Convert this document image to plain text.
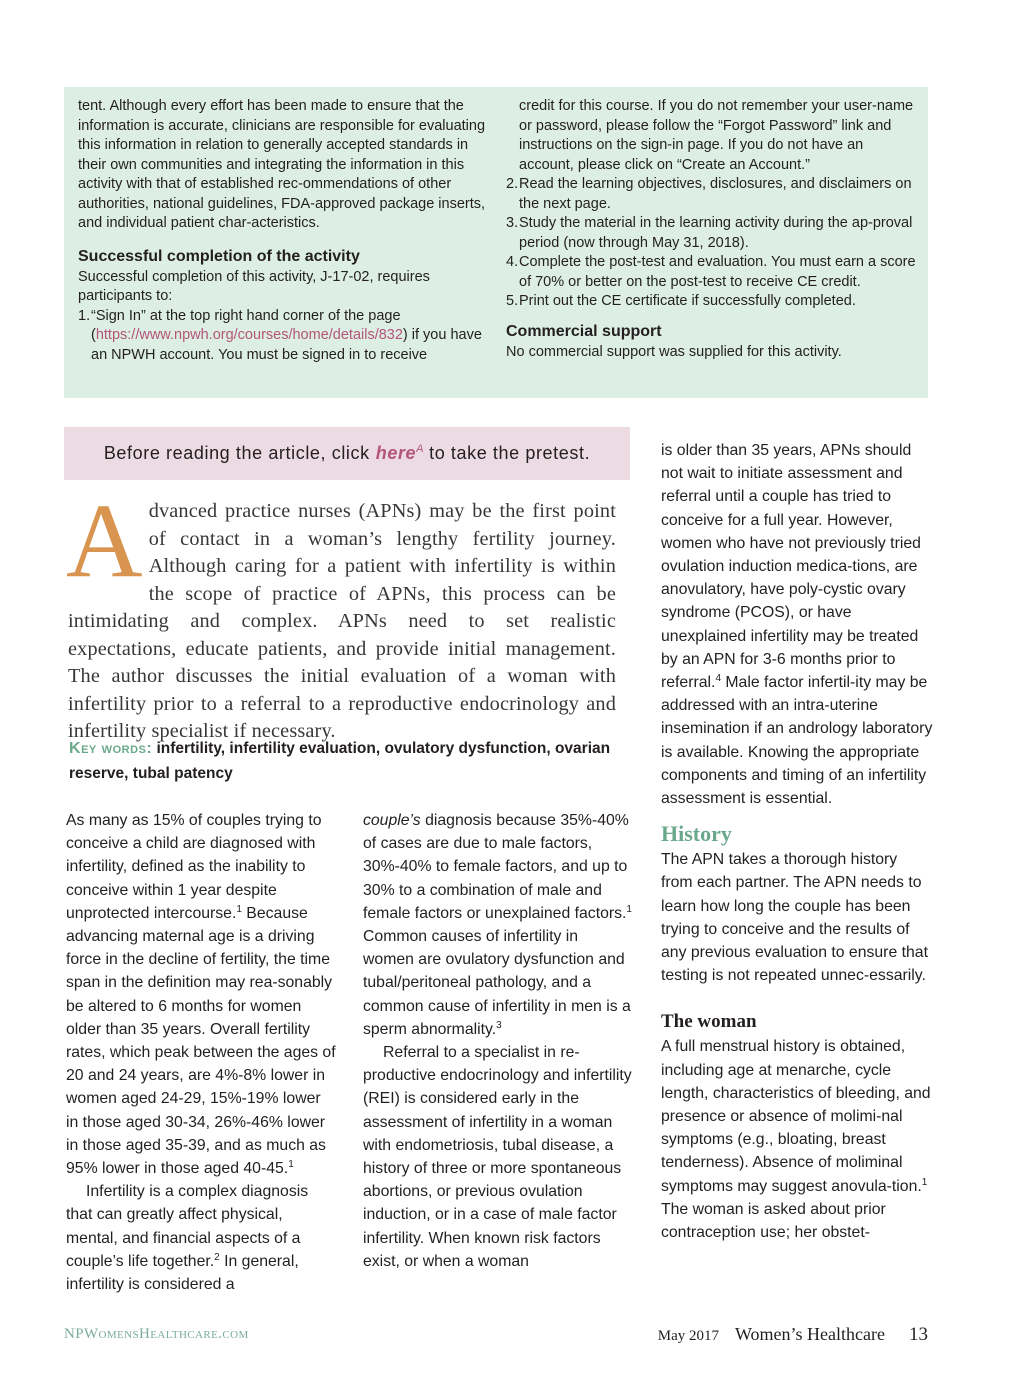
tent. Although every effort has been made to ensure that the information is accurate, clinicians are responsible for evaluating this information in relation to generally accepted standards in their own communities and integrating the information in this activity with that of established rec-ommendations of other authorities, national guidelines, FDA-approved package inserts, and individual patient char-acteristics.
Successful completion of the activity
Successful completion of this activity, J-17-02, requires participants to:
1. “Sign In” at the top right hand corner of the page (https://www.npwh.org/courses/home/details/832) if you have an NPWH account. You must be signed in to receive
credit for this course. If you do not remember your user-name or password, please follow the “Forgot Password” link and instructions on the sign-in page. If you do not have an account, please click on “Create an Account.”
2. Read the learning objectives, disclosures, and disclaimers on the next page.
3. Study the material in the learning activity during the ap-proval period (now through May 31, 2018).
4. Complete the post-test and evaluation. You must earn a score of 70% or better on the post-test to receive CE credit.
5. Print out the CE certificate if successfully completed.
Commercial support
No commercial support was supplied for this activity.
Before reading the article, click here$^A$ to take the pretest.
A dvanced practice nurses (APNs) may be the first point of contact in a woman’s lengthy fertility journey. Although caring for a patient with infertility is within the scope of practice of APNs, this process can be intimidating and complex. APNs need to set realistic expectations, educate patients, and provide initial management. The author discusses the initial evaluation of a woman with infertility prior to a referral to a reproductive endocrinology and infertility specialist if necessary.
Key words: infertility, infertility evaluation, ovulatory dysfunction, ovarian reserve, tubal patency
As many as 15% of couples trying to conceive a child are diagnosed with infertility, defined as the inability to conceive within 1 year despite unprotected intercourse.$^1$ Because advancing maternal age is a driving force in the decline of fertility, the time span in the definition may rea-sonably be altered to 6 months for women older than 35 years. Overall fertility rates, which peak between the ages of 20 and 24 years, are 4%-8% lower in women aged 24-29, 15%-19% lower in those aged 30-34, 26%-46% lower in those aged 35-39, and as much as 95% lower in those aged 40-45.$^1$
Infertility is a complex diagnosis that can greatly affect physical, mental, and financial aspects of a couple’s life together.$^2$ In general, infertility is considered a
couple’s diagnosis because 35%-40% of cases are due to male factors, 30%-40% to female factors, and up to 30% to a combination of male and female factors or unexplained factors.$^1$ Common causes of infertility in women are ovulatory dysfunction and tubal/peritoneal pathology, and a common cause of infertility in men is a sperm abnormality.$^3$
Referral to a specialist in re-productive endocrinology and infertility (REI) is considered early in the assessment of infertility in a woman with endometriosis, tubal disease, a history of three or more spontaneous abortions, or previous ovulation induction, or in a case of male factor infertility. When known risk factors exist, or when a woman
is older than 35 years, APNs should not wait to initiate assessment and referral until a couple has tried to conceive for a full year. However, women who have not previously tried ovulation induction medica-tions, are anovulatory, have poly-cystic ovary syndrome (PCOS), or have unexplained infertility may be treated by an APN for 3-6 months prior to referral.$^4$ Male factor infertil-ity may be addressed with an intra-uterine insemination if an andrology laboratory is available. Knowing the appropriate components and timing of an infertility assessment is essential.
History
The APN takes a thorough history from each partner. The APN needs to learn how long the couple has been trying to conceive and the results of any previous evaluation to ensure that testing is not repeated unnec-essarily.
The woman
A full menstrual history is obtained, including age at menarche, cycle length, characteristics of bleeding, and presence or absence of molimi-nal symptoms (e.g., bloating, breast tenderness). Absence of moliminal symptoms may suggest anovula-tion.$^1$ The woman is asked about prior contraception use; her obstet-
NPWomensHealthcare.com	May 2017 Women’s Healthcare 13
